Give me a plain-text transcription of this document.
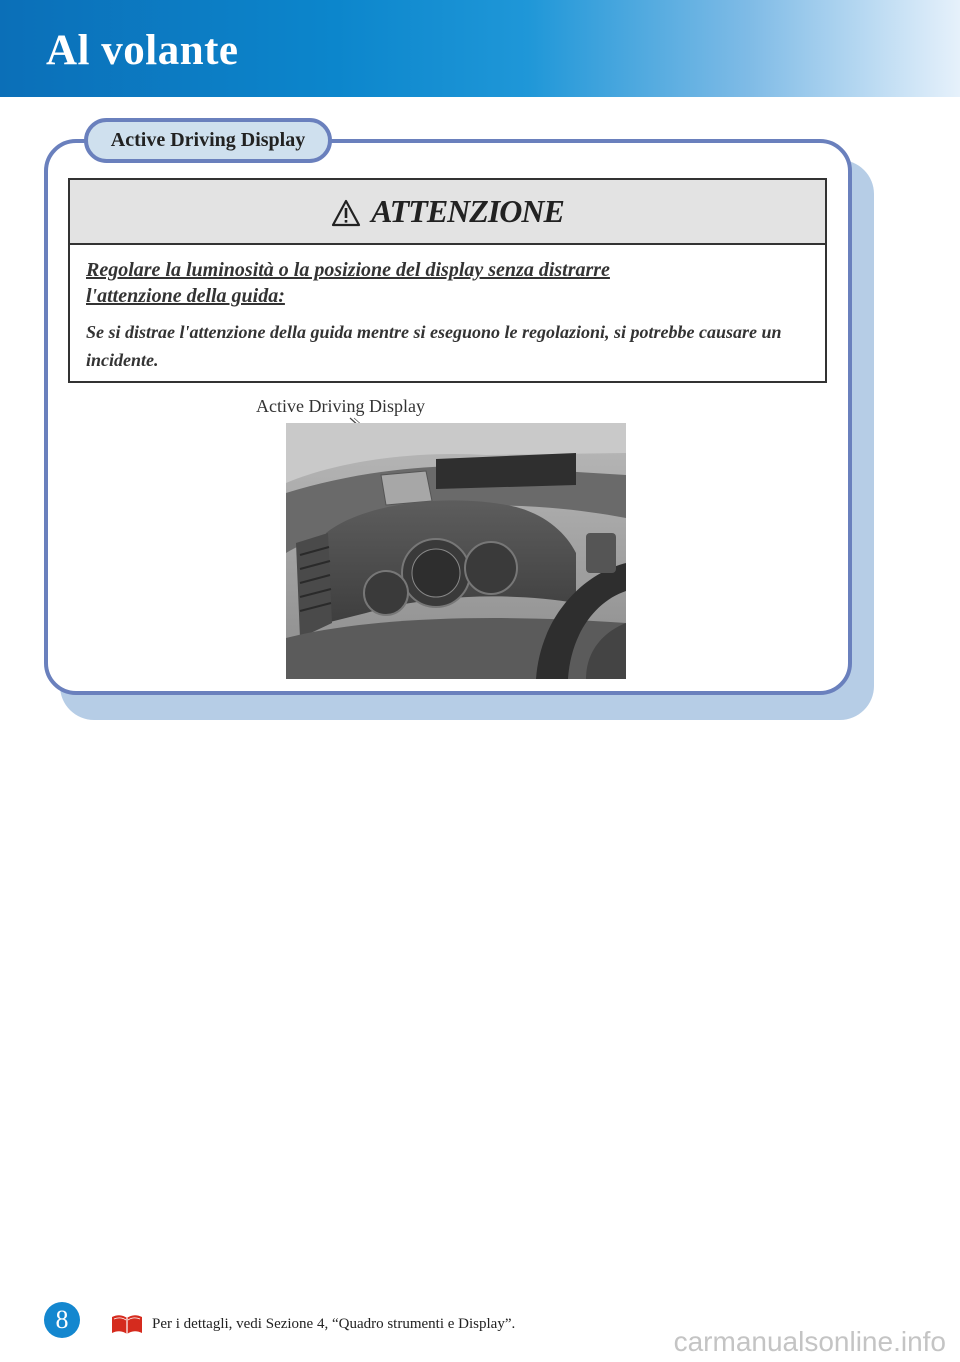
Al volante
Active Driving Display
ATTENZIONE
Regolare la luminosità o la posizione del display senza distrarre l'attenzione della guida:
Se si distrae l'attenzione della guida mentre si eseguono le regolazioni, si potrebbe causare un incidente.
Active Driving Display
8	Per i dettagli, vedi Sezione 4, “Quadro strumenti e Display”.
carmanualsonline.info
